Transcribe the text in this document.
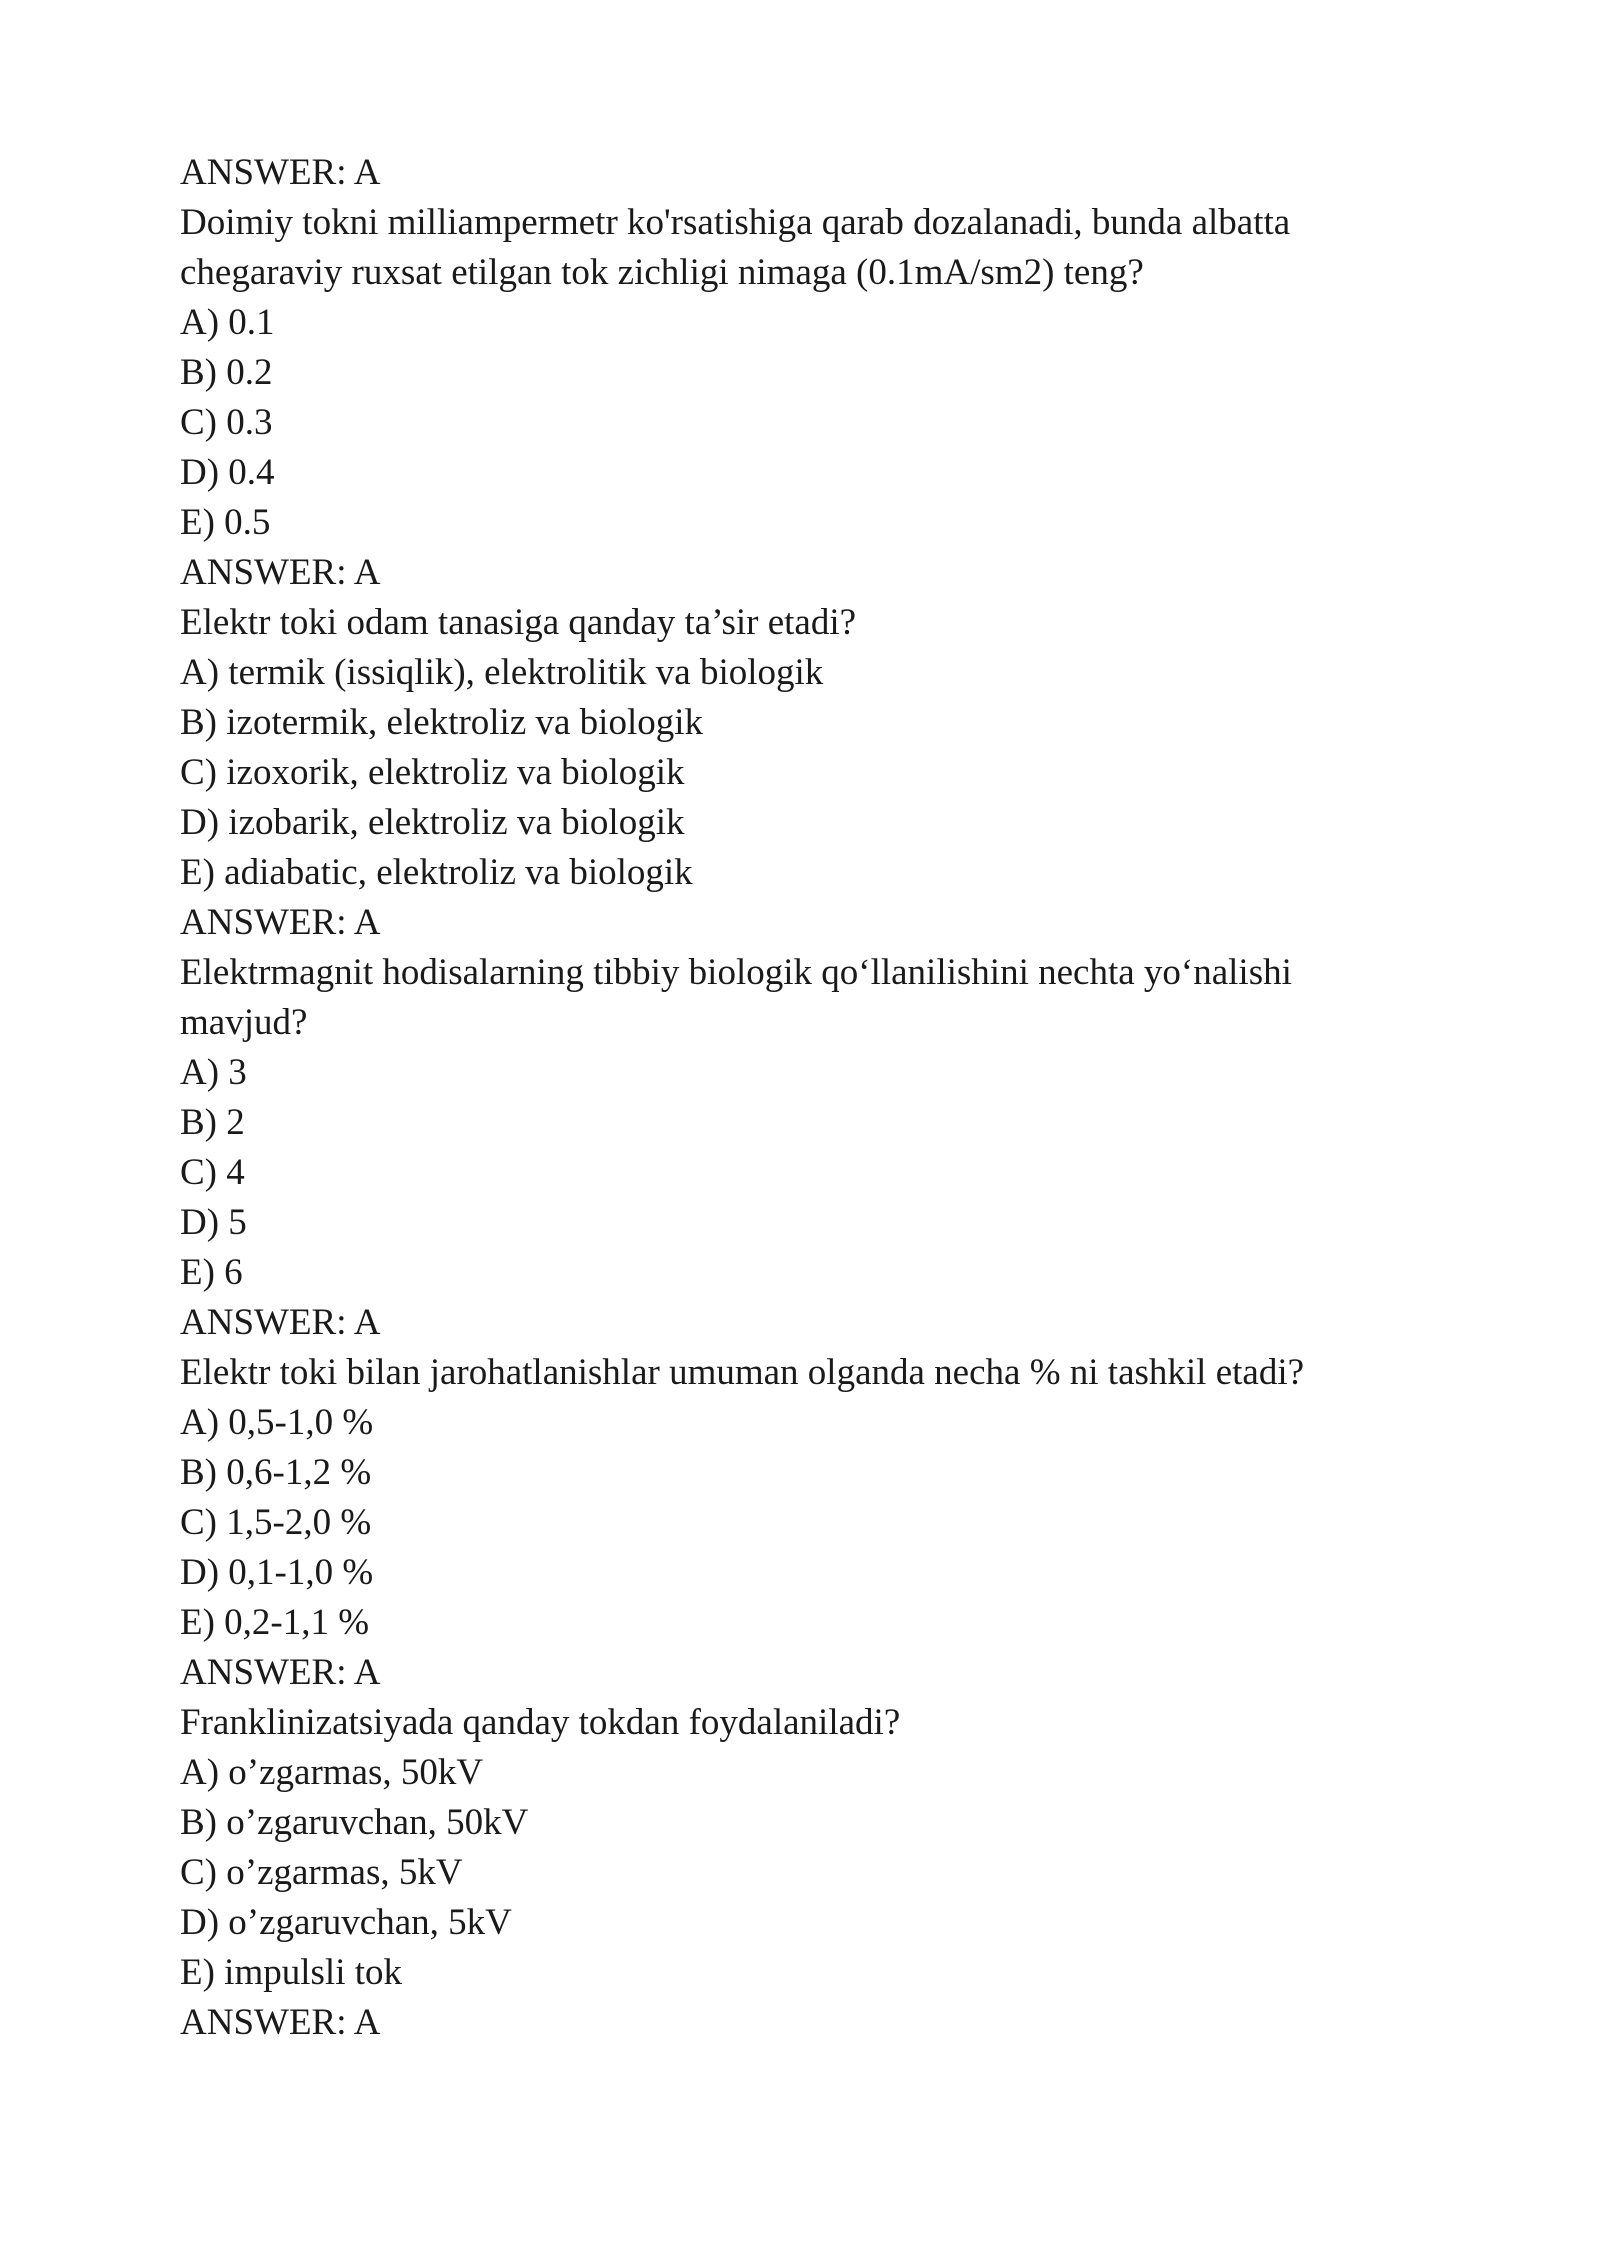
ANSWER: A
Doimiy tokni milliampermetr ko'rsatishiga qarab dozalanadi, bunda albatta chegaraviy ruxsat etilgan tok zichligi nimaga (0.1mA/sm2) teng?
A) 0.1
B) 0.2
C) 0.3
D) 0.4
E) 0.5
ANSWER: A
Elektr toki odam tanasiga qanday ta’sir etadi?
A) termik (issiqlik), elektrolitik va biologik
B) izotermik, elektroliz va biologik
C) izoxorik, elektroliz va biologik
D) izobarik, elektroliz va biologik
E) adiabatic, elektroliz va biologik
ANSWER: A
Elektrmagnit hodisalarning tibbiy biologik qo‘llanilishini nechta yo‘nalishi mavjud?
A) 3
B) 2
C) 4
D) 5
E) 6
ANSWER: A
Elektr toki bilan jarohatlanishlar umuman olganda necha % ni tashkil etadi?
A) 0,5-1,0 %
B) 0,6-1,2 %
C) 1,5-2,0 %
D) 0,1-1,0 %
E) 0,2-1,1 %
ANSWER: A
Franklinizatsiyada qanday tokdan foydalaniladi?
A) o’zgarmas, 50kV
B) o’zgaruvchan, 50kV
C) o’zgarmas, 5kV
D) o’zgaruvchan, 5kV
E) impulsli tok
ANSWER: A
